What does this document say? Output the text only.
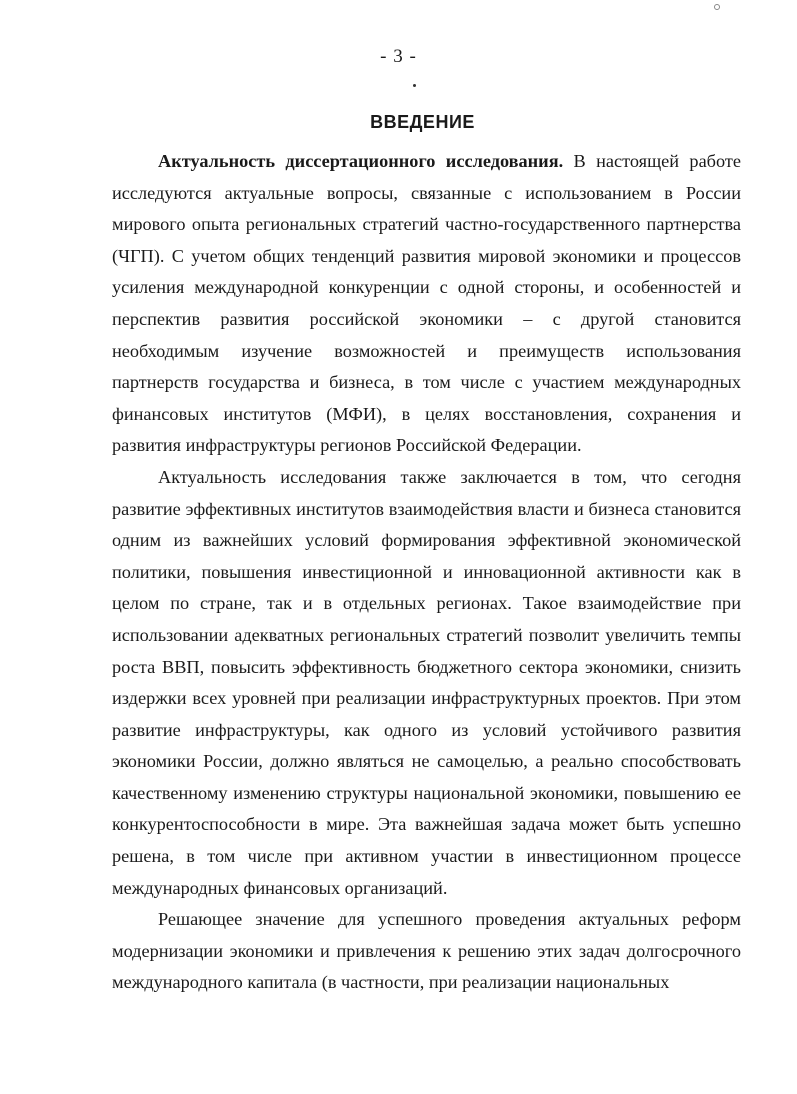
- 3 -
ВВЕДЕНИЕ

Актуальность диссертационного исследования. В настоящей работе исследуются актуальные вопросы, связанные с использованием в России мирового опыта региональных стратегий частно-государственного партнерства (ЧГП). С учетом общих тенденций развития мировой экономики и процессов усиления международной конкуренции с одной стороны, и особенностей и перспектив развития российской экономики – с другой становится необходимым изучение возможностей и преимуществ использования партнерств государства и бизнеса, в том числе с участием международных финансовых институтов (МФИ), в целях восстановления, сохранения и развития инфраструктуры регионов Российской Федерации.

Актуальность исследования также заключается в том, что сегодня развитие эффективных институтов взаимодействия власти и бизнеса становится одним из важнейших условий формирования эффективной экономической политики, повышения инвестиционной и инновационной активности как в целом по стране, так и в отдельных регионах. Такое взаимодействие при использовании адекватных региональных стратегий позволит увеличить темпы роста ВВП, повысить эффективность бюджетного сектора экономики, снизить издержки всех уровней при реализации инфраструктурных проектов. При этом развитие инфраструктуры, как одного из условий устойчивого развития экономики России, должно являться не самоцелью, а реально способствовать качественному изменению структуры национальной экономики, повышению ее конкурентоспособности в мире. Эта важнейшая задача может быть успешно решена, в том числе при активном участии в инвестиционном процессе международных финансовых организаций.

Решающее значение для успешного проведения актуальных реформ модернизации экономики и привлечения к решению этих задач долгосрочного международного капитала (в частности, при реализации национальных
